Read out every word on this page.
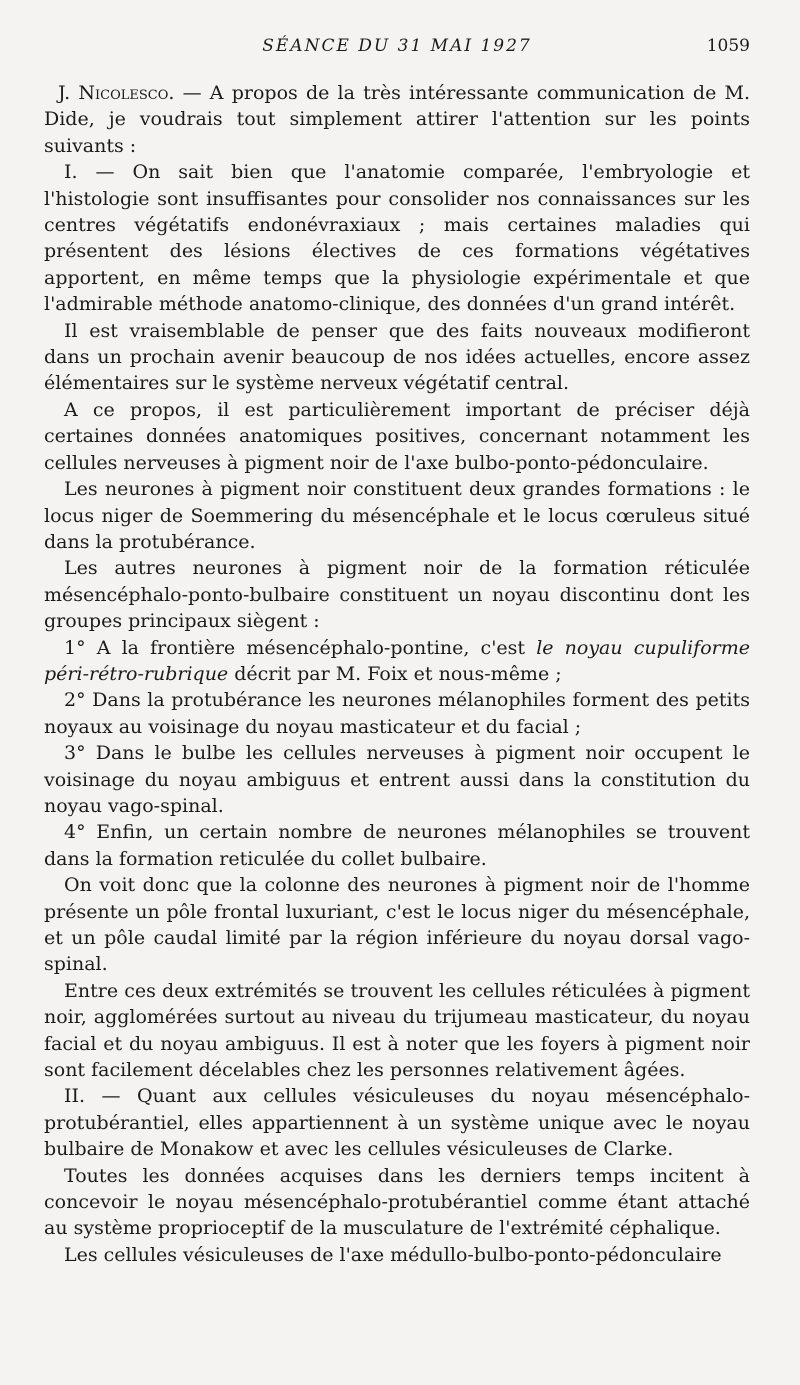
SÉANCE DU 31 MAI 1927	1059

J. Nicolesco. — A propos de la très intéressante communication de M. Dide, je voudrais tout simplement attirer l'attention sur les points suivants :

I. — On sait bien que l'anatomie comparée, l'embryologie et l'histologie sont insuffisantes pour consolider nos connaissances sur les centres végétatifs endonévraxiaux ; mais certaines maladies qui présentent des lésions électives de ces formations végétatives apportent, en même temps que la physiologie expérimentale et que l'admirable méthode anatomo-clinique, des données d'un grand intérêt.

Il est vraisemblable de penser que des faits nouveaux modifieront dans un prochain avenir beaucoup de nos idées actuelles, encore assez élémentaires sur le système nerveux végétatif central.

A ce propos, il est particulièrement important de préciser déjà certaines données anatomiques positives, concernant notamment les cellules nerveuses à pigment noir de l'axe bulbo-ponto-pédonculaire.

Les neurones à pigment noir constituent deux grandes formations : le locus niger de Soemmering du mésencéphale et le locus cœruleus situé dans la protubérance.

Les autres neurones à pigment noir de la formation réticulée mésencéphalo-ponto-bulbaire constituent un noyau discontinu dont les groupes principaux siègent :

1° A la frontière mésencéphalo-pontine, c'est le noyau cupuliforme péri-rétro-rubrique décrit par M. Foix et nous-même ;

2° Dans la protubérance les neurones mélanophiles forment des petits noyaux au voisinage du noyau masticateur et du facial ;

3° Dans le bulbe les cellules nerveuses à pigment noir occupent le voisinage du noyau ambiguus et entrent aussi dans la constitution du noyau vago-spinal.

4° Enfin, un certain nombre de neurones mélanophiles se trouvent dans la formation reticulée du collet bulbaire.

On voit donc que la colonne des neurones à pigment noir de l'homme présente un pôle frontal luxuriant, c'est le locus niger du mésencéphale, et un pôle caudal limité par la région inférieure du noyau dorsal vago-spinal.

Entre ces deux extrémités se trouvent les cellules réticulées à pigment noir, agglomérées surtout au niveau du trijumeau masticateur, du noyau facial et du noyau ambiguus. Il est à noter que les foyers à pigment noir sont facilement décelables chez les personnes relativement âgées.

II. — Quant aux cellules vésiculeuses du noyau mésencéphalo-protubérantiel, elles appartiennent à un système unique avec le noyau bulbaire de Monakow et avec les cellules vésiculeuses de Clarke.

Toutes les données acquises dans les derniers temps incitent à concevoir le noyau mésencéphalo-protubérantiel comme étant attaché au système proprioceptif de la musculature de l'extrémité céphalique.

Les cellules vésiculeuses de l'axe médullo-bulbo-ponto-pédonculaire
